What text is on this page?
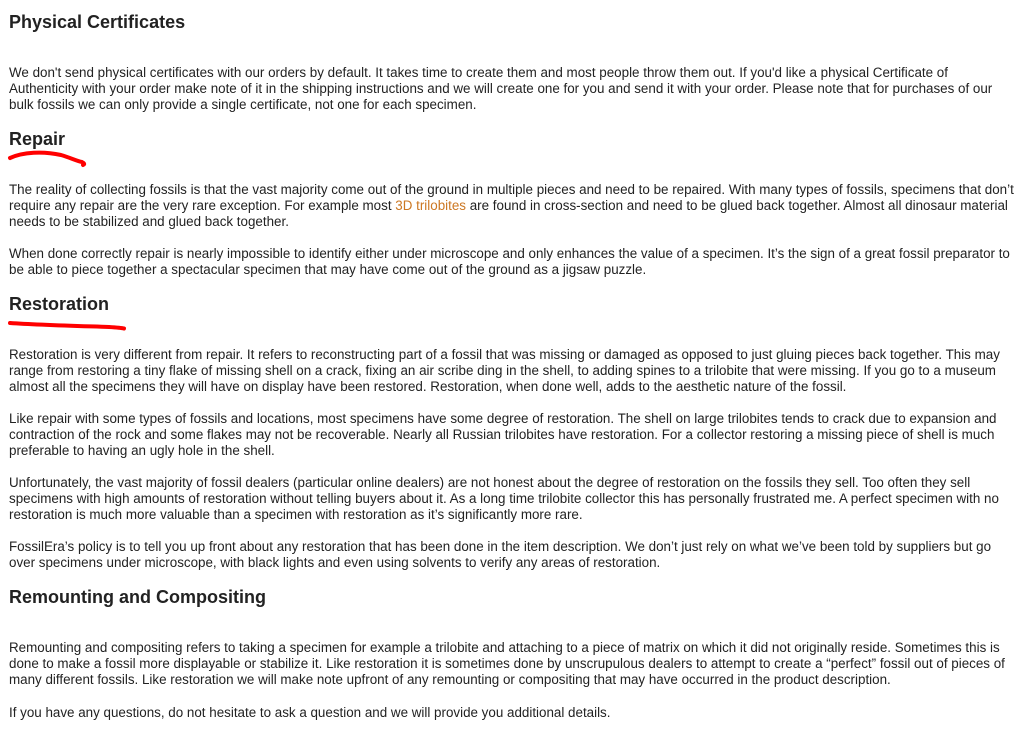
Physical Certificates

We don't send physical certificates with our orders by default. It takes time to create them and most people throw them out. If you'd like a physical Certificate of Authenticity with your order make note of it in the shipping instructions and we will create one for you and send it with your order. Please note that for purchases of our bulk fossils we can only provide a single certificate, not one for each specimen.

Repair

The reality of collecting fossils is that the vast majority come out of the ground in multiple pieces and need to be repaired. With many types of fossils, specimens that don’t require any repair are the very rare exception. For example most 3D trilobites are found in cross-section and need to be glued back together. Almost all dinosaur material needs to be stabilized and glued back together.

When done correctly repair is nearly impossible to identify either under microscope and only enhances the value of a specimen. It’s the sign of a great fossil preparator to be able to piece together a spectacular specimen that may have come out of the ground as a jigsaw puzzle.

Restoration

Restoration is very different from repair. It refers to reconstructing part of a fossil that was missing or damaged as opposed to just gluing pieces back together. This may range from restoring a tiny flake of missing shell on a crack, fixing an air scribe ding in the shell, to adding spines to a trilobite that were missing. If you go to a museum almost all the specimens they will have on display have been restored. Restoration, when done well, adds to the aesthetic nature of the fossil.

Like repair with some types of fossils and locations, most specimens have some degree of restoration. The shell on large trilobites tends to crack due to expansion and contraction of the rock and some flakes may not be recoverable. Nearly all Russian trilobites have restoration. For a collector restoring a missing piece of shell is much preferable to having an ugly hole in the shell.

Unfortunately, the vast majority of fossil dealers (particular online dealers) are not honest about the degree of restoration on the fossils they sell. Too often they sell specimens with high amounts of restoration without telling buyers about it. As a long time trilobite collector this has personally frustrated me. A perfect specimen with no restoration is much more valuable than a specimen with restoration as it’s significantly more rare.

FossilEra’s policy is to tell you up front about any restoration that has been done in the item description. We don’t just rely on what we’ve been told by suppliers but go over specimens under microscope, with black lights and even using solvents to verify any areas of restoration.

Remounting and Compositing

Remounting and compositing refers to taking a specimen for example a trilobite and attaching to a piece of matrix on which it did not originally reside. Sometimes this is done to make a fossil more displayable or stabilize it. Like restoration it is sometimes done by unscrupulous dealers to attempt to create a “perfect” fossil out of pieces of many different fossils. Like restoration we will make note upfront of any remounting or compositing that may have occurred in the product description.

If you have any questions, do not hesitate to ask a question and we will provide you additional details.
